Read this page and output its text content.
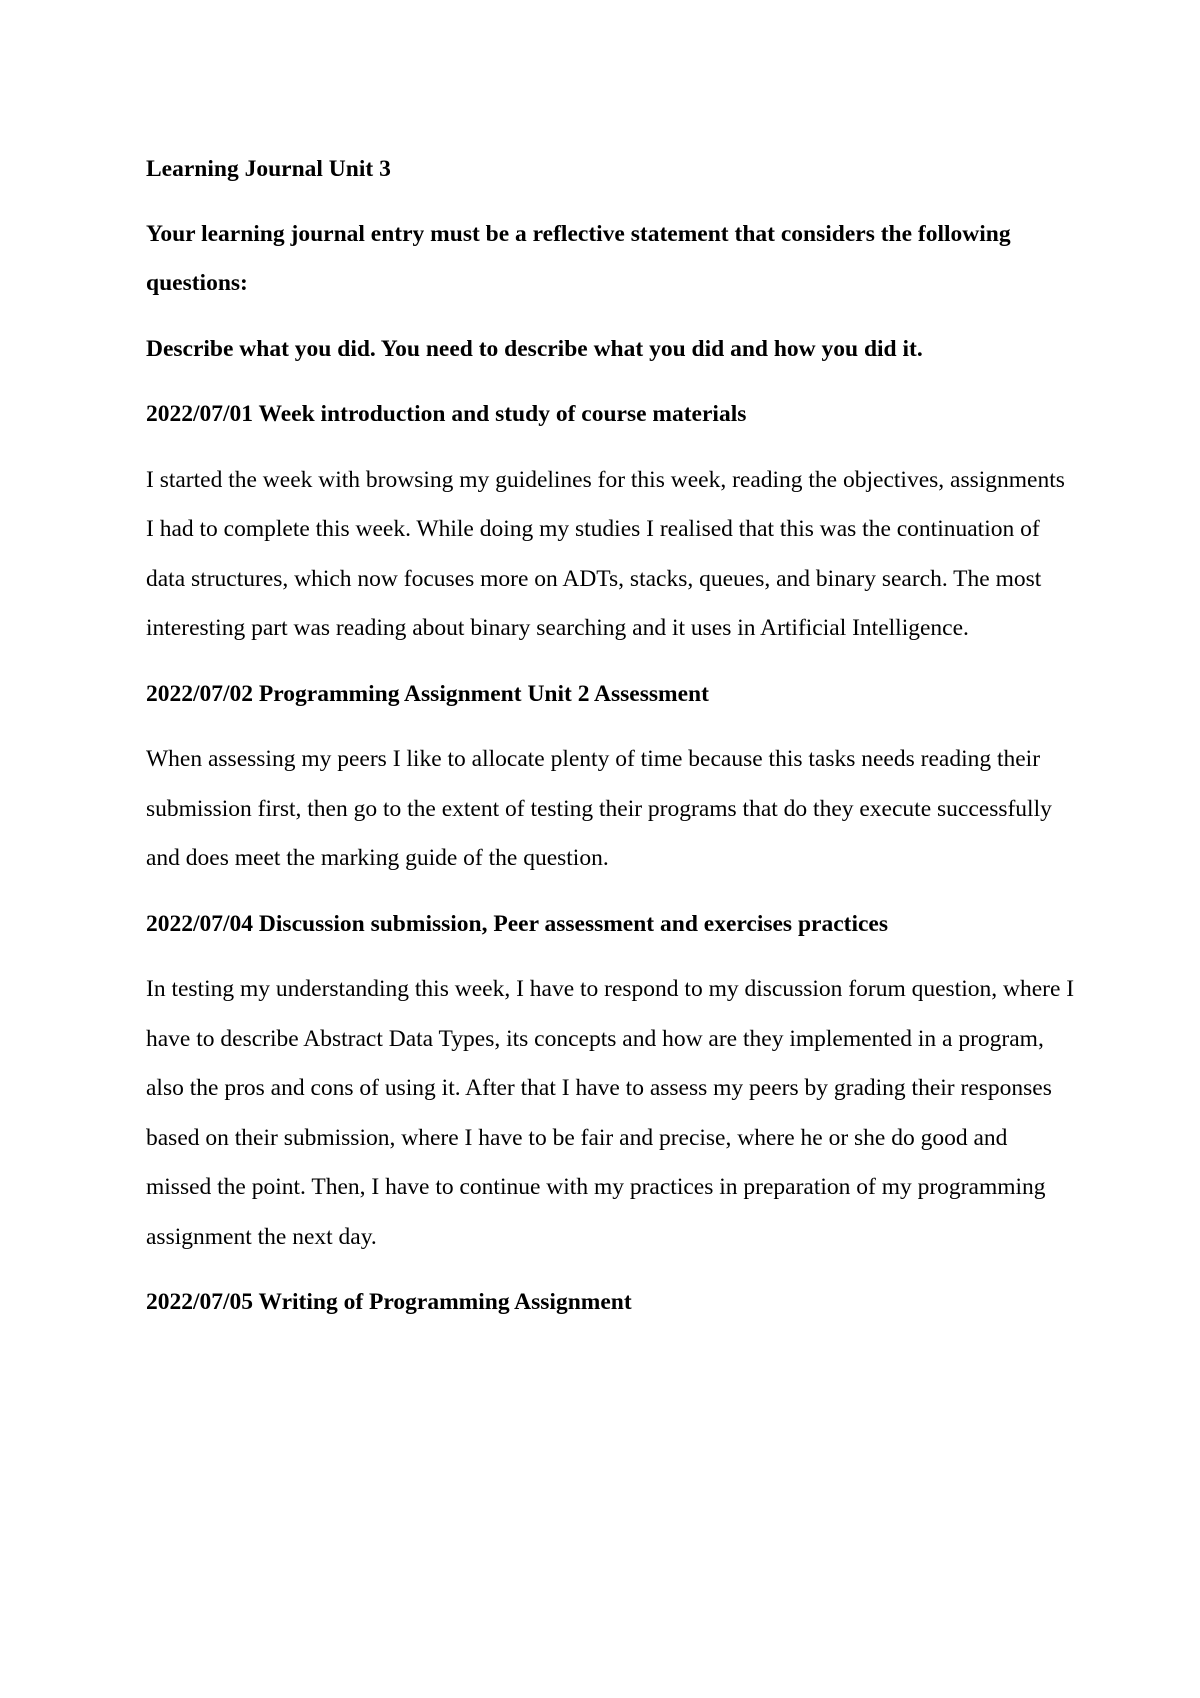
Learning Journal Unit 3

Your learning journal entry must be a reflective statement that considers the following questions:

Describe what you did. You need to describe what you did and how you did it.

2022/07/01 Week introduction and study of course materials

I started the week with browsing my guidelines for this week, reading the objectives, assignments I had to complete this week. While doing my studies I realised that this was the continuation of data structures, which now focuses more on ADTs, stacks, queues, and binary search. The most interesting part was reading about binary searching and it uses in Artificial Intelligence.

2022/07/02 Programming Assignment Unit 2 Assessment

When assessing my peers I like to allocate plenty of time because this tasks needs reading their submission first, then go to the extent of testing their programs that do they execute successfully and does meet the marking guide of the question.

2022/07/04 Discussion submission, Peer assessment and exercises practices

In testing my understanding this week, I have to respond to my discussion forum question, where I have to describe Abstract Data Types, its concepts and how are they implemented in a program, also the pros and cons of using it. After that I have to assess my peers by grading their responses based on their submission, where I have to be fair and precise, where he or she do good and missed the point. Then, I have to continue with my practices in preparation of my programming assignment the next day.

2022/07/05 Writing of Programming Assignment
